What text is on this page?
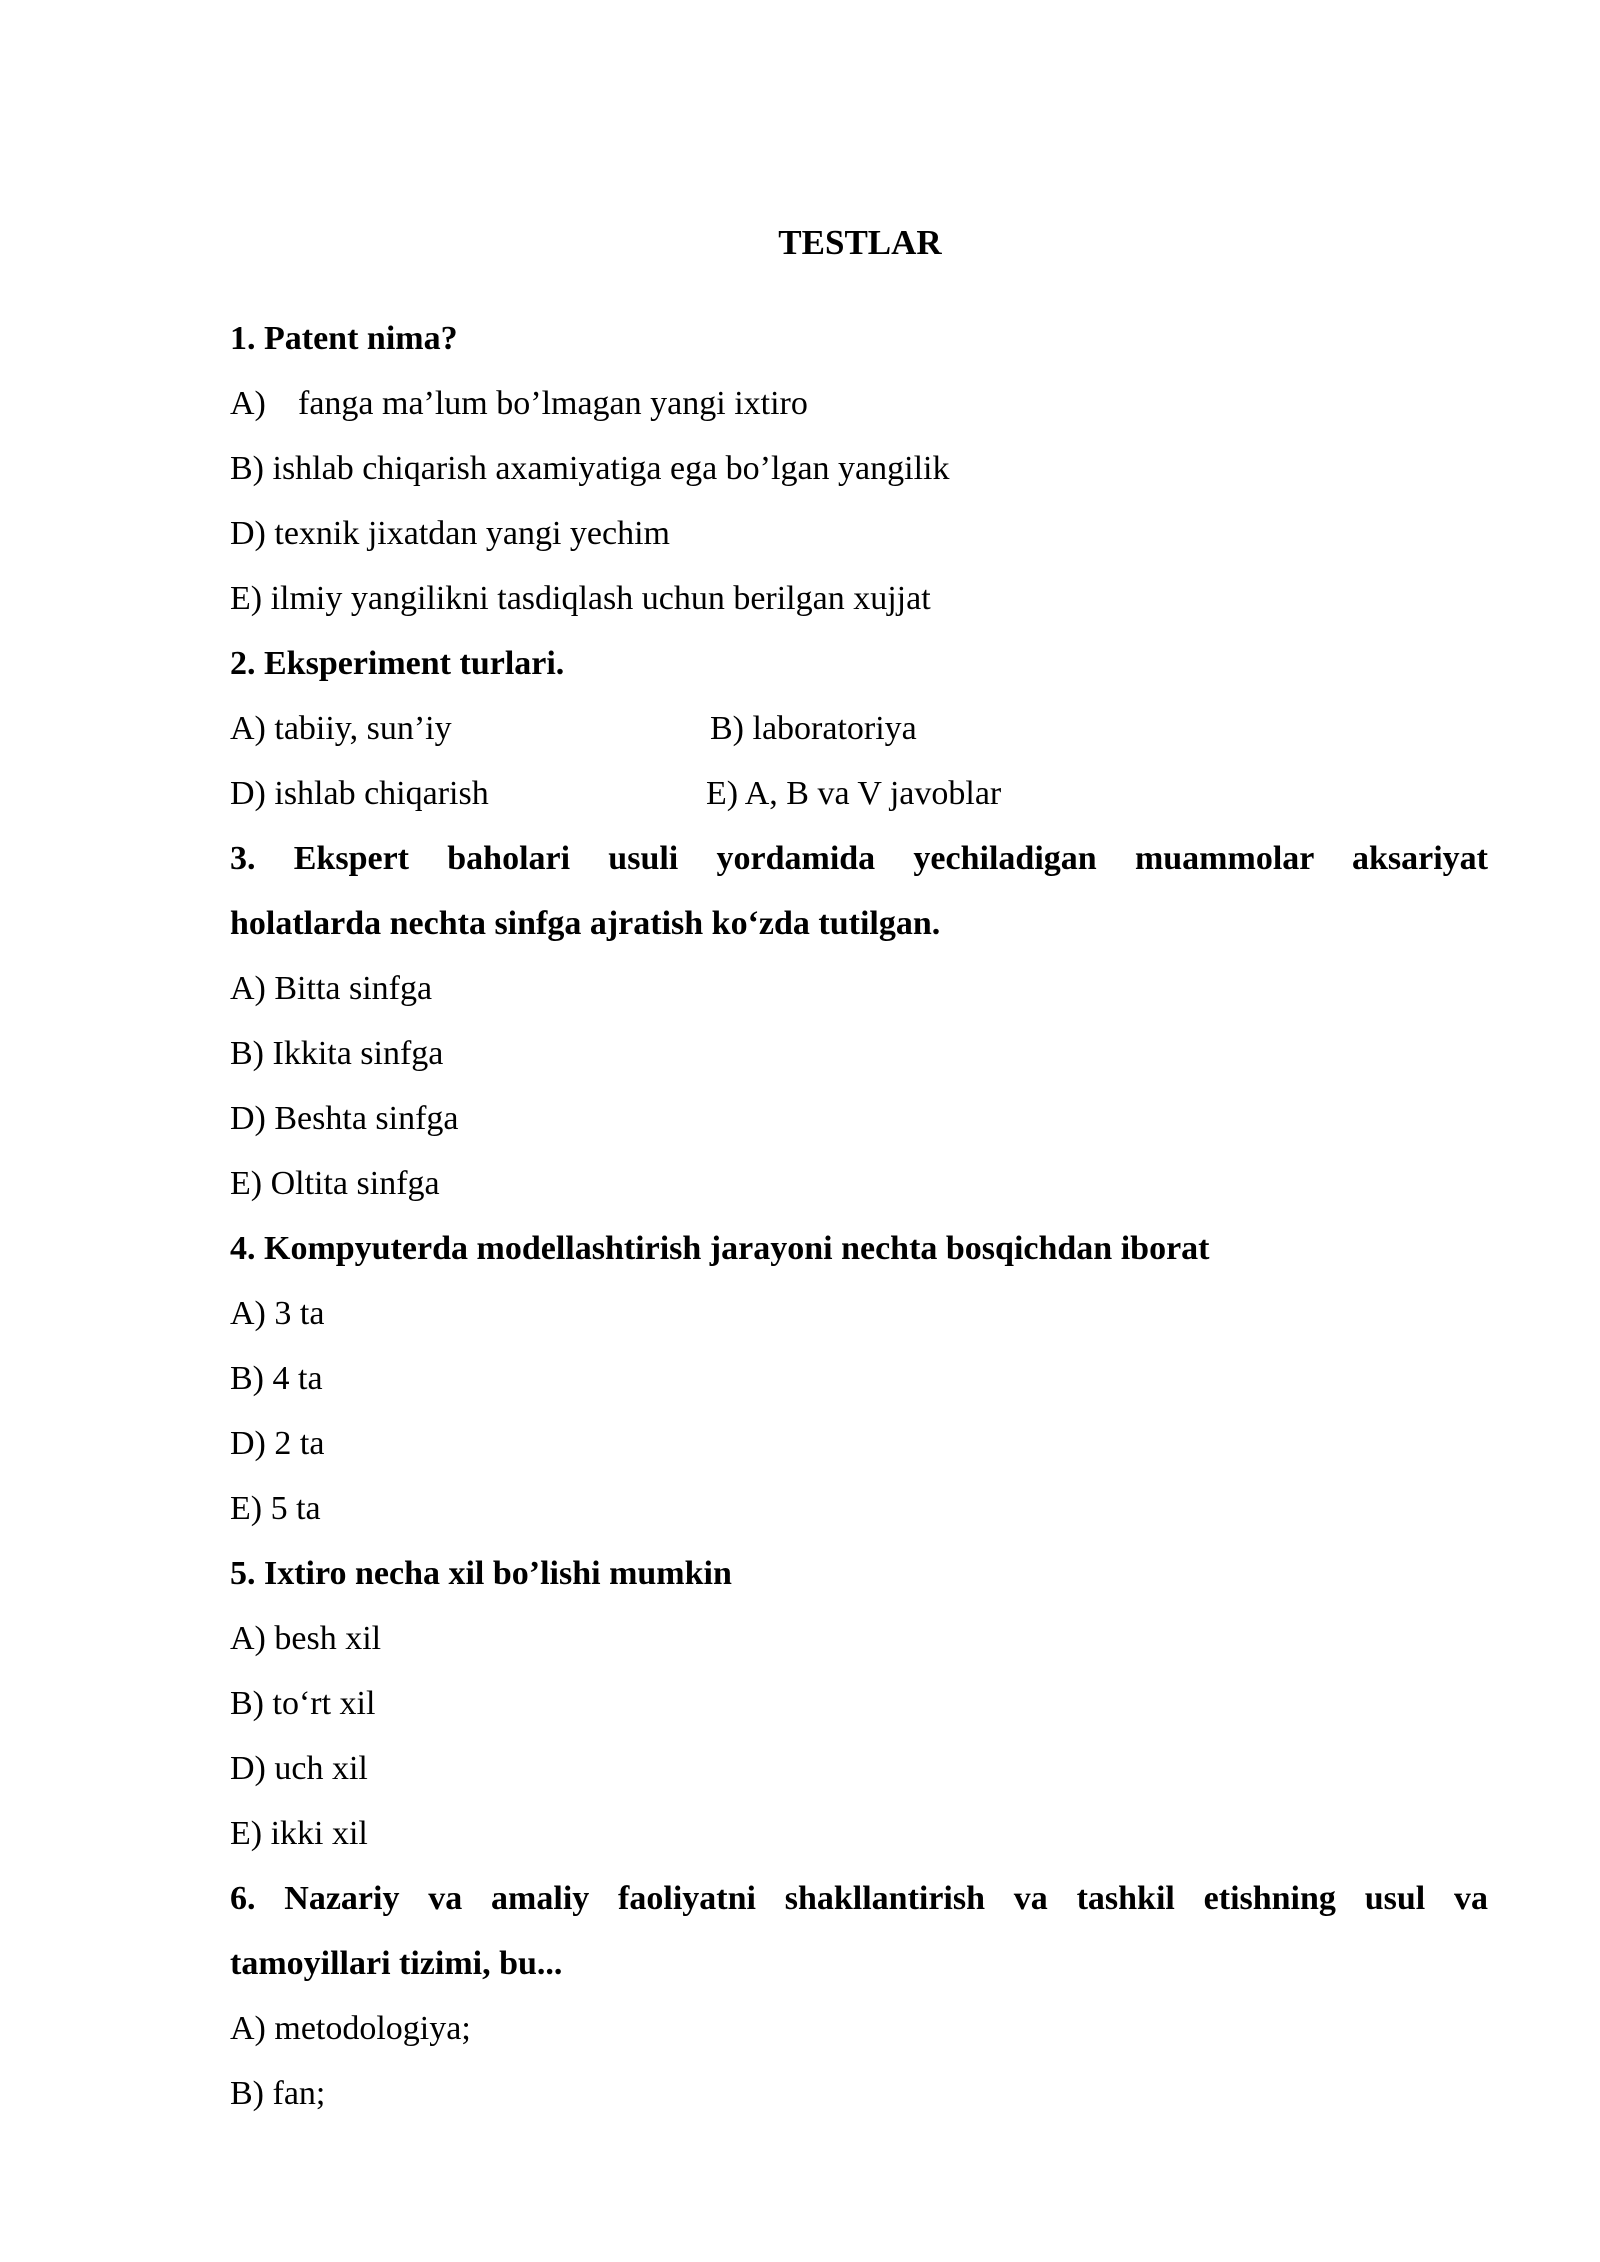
TESTLAR
1. Patent nima?
A) fanga ma’lum bo’lmagan yangi ixtiro
B) ishlab chiqarish axamiyatiga ega bo’lgan yangilik
D) texnik jixatdan yangi yechim
E) ilmiy yangilikni tasdiqlash uchun berilgan xujjat
2. Eksperiment turlari.
A) tabiiy, sun’iy	B) laboratoriya
D) ishlab chiqarish	E) A, B va V javoblar
3. Ekspert baholari usuli yordamida yechiladigan muammolar aksariyat
holatlarda nechta sinfga ajratish ko‘zda tutilgan.
A) Bitta sinfga
B) Ikkita sinfga
D) Beshta sinfga
E) Oltita sinfga
4. Kompyuterda modellashtirish jarayoni nechta bosqichdan iborat
A) 3 ta
B) 4 ta
D) 2 ta
E) 5 ta
5. Ixtiro necha xil bo’lishi mumkin
A) besh xil
B) to‘rt xil
D) uch xil
E) ikki xil
6. Nazariy va amaliy faoliyatni shakllantirish va tashkil etishning usul va
tamoyillari tizimi, bu...
A) metodologiya;
B) fan;
